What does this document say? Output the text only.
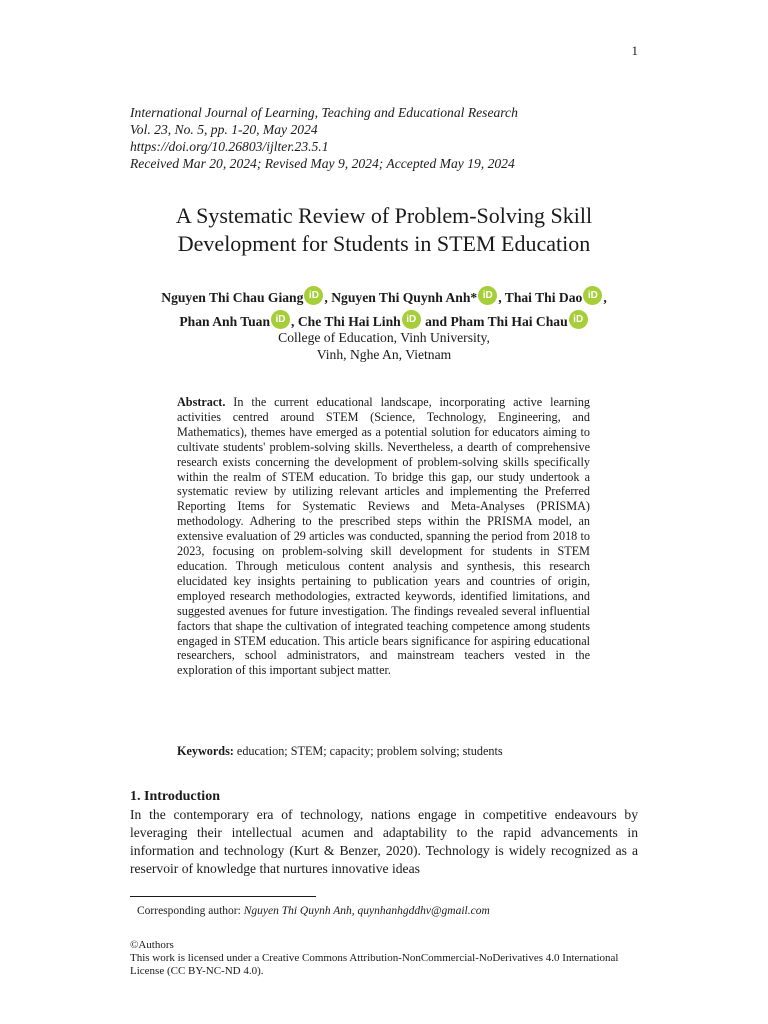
1
International Journal of Learning, Teaching and Educational Research
Vol. 23, No. 5, pp. 1-20, May 2024
https://doi.org/10.26803/ijlter.23.5.1
Received Mar 20, 2024; Revised May 9, 2024; Accepted May 19, 2024
A Systematic Review of Problem-Solving Skill
Development for Students in STEM Education
Nguyen Thi Chau Giang iD , Nguyen Thi Quynh Anh* iD , Thai Thi Dao iD ,
Phan Anh Tuan iD , Che Thi Hai Linh iD and Pham Thi Hai Chau iD
College of Education, Vinh University,
Vinh, Nghe An, Vietnam
Abstract. In the current educational landscape, incorporating active learning activities centred around STEM (Science, Technology, Engineering, and Mathematics), themes have emerged as a potential solution for educators aiming to cultivate students' problem-solving skills. Nevertheless, a dearth of comprehensive research exists concerning the development of problem-solving skills specifically within the realm of STEM education. To bridge this gap, our study undertook a systematic review by utilizing relevant articles and implementing the Preferred Reporting Items for Systematic Reviews and Meta-Analyses (PRISMA) methodology. Adhering to the prescribed steps within the PRISMA model, an extensive evaluation of 29 articles was conducted, spanning the period from 2018 to 2023, focusing on problem-solving skill development for students in STEM education. Through meticulous content analysis and synthesis, this research elucidated key insights pertaining to publication years and countries of origin, employed research methodologies, extracted keywords, identified limitations, and suggested avenues for future investigation. The findings revealed several influential factors that shape the cultivation of integrated teaching competence among students engaged in STEM education. This article bears significance for aspiring educational researchers, school administrators, and mainstream teachers vested in the exploration of this important subject matter.
Keywords: education; STEM; capacity; problem solving; students
1. Introduction
In the contemporary era of technology, nations engage in competitive endeavours by leveraging their intellectual acumen and adaptability to the rapid advancements in information and technology (Kurt & Benzer, 2020). Technology is widely recognized as a reservoir of knowledge that nurtures innovative ideas
Corresponding author: Nguyen Thi Quynh Anh, quynhanhgddhv@gmail.com
©Authors
This work is licensed under a Creative Commons Attribution-NonCommercial-NoDerivatives 4.0 International License (CC BY-NC-ND 4.0).
